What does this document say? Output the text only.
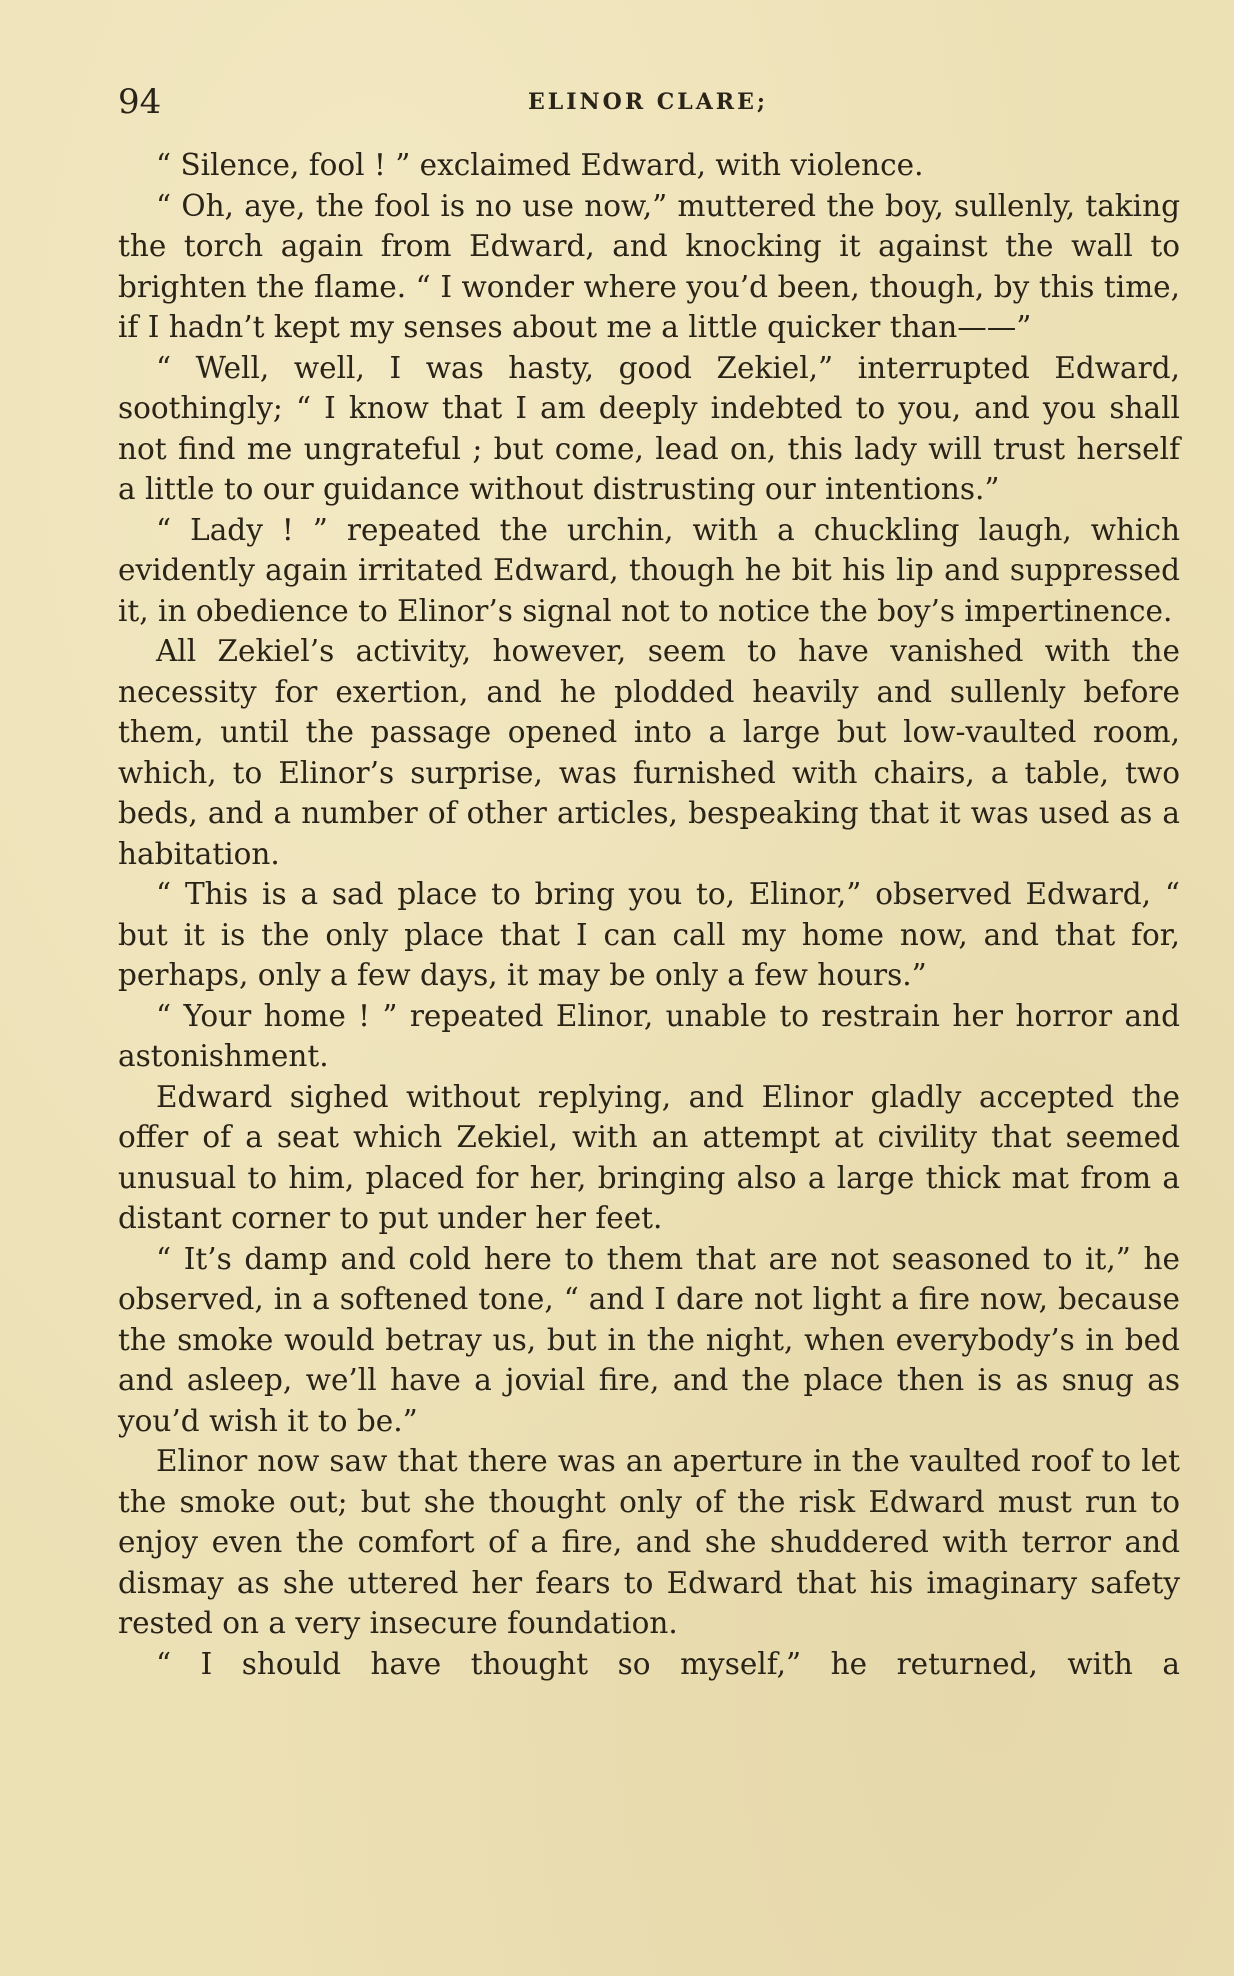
94	ELINOR CLARE;

“ Silence, fool ! ” exclaimed Edward, with violence.

“ Oh, aye, the fool is no use now,” muttered the boy, sullenly, taking the torch again from Edward, and knocking it against the wall to brighten the flame. “ I wonder where you’d been, though, by this time, if I hadn’t kept my senses about me a little quicker than——”

“ Well, well, I was hasty, good Zekiel,” interrupted Edward, soothingly; “ I know that I am deeply indebted to you, and you shall not find me ungrateful ; but come, lead on, this lady will trust herself a little to our guidance without distrusting our intentions.”

“ Lady ! ” repeated the urchin, with a chuckling laugh, which evidently again irritated Edward, though he bit his lip and suppressed it, in obedience to Elinor’s signal not to notice the boy’s impertinence.

All Zekiel’s activity, however, seem to have vanished with the necessity for exertion, and he plodded heavily and sullenly before them, until the passage opened into a large but low-vaulted room, which, to Elinor’s surprise, was furnished with chairs, a table, two beds, and a number of other articles, bespeaking that it was used as a habitation.

“ This is a sad place to bring you to, Elinor,” observed Edward, “ but it is the only place that I can call my home now, and that for, perhaps, only a few days, it may be only a few hours.”

“ Your home ! ” repeated Elinor, unable to restrain her horror and astonishment.

Edward sighed without replying, and Elinor gladly accepted the offer of a seat which Zekiel, with an attempt at civility that seemed unusual to him, placed for her, bringing also a large thick mat from a distant corner to put under her feet.

“ It’s damp and cold here to them that are not seasoned to it,” he observed, in a softened tone, “ and I dare not light a fire now, because the smoke would betray us, but in the night, when everybody’s in bed and asleep, we’ll have a jovial fire, and the place then is as snug as you’d wish it to be.”

Elinor now saw that there was an aperture in the vaulted roof to let the smoke out; but she thought only of the risk Edward must run to enjoy even the comfort of a fire, and she shuddered with terror and dismay as she uttered her fears to Edward that his imaginary safety rested on a very insecure foundation.

“ I should have thought so myself,” he returned, with a
